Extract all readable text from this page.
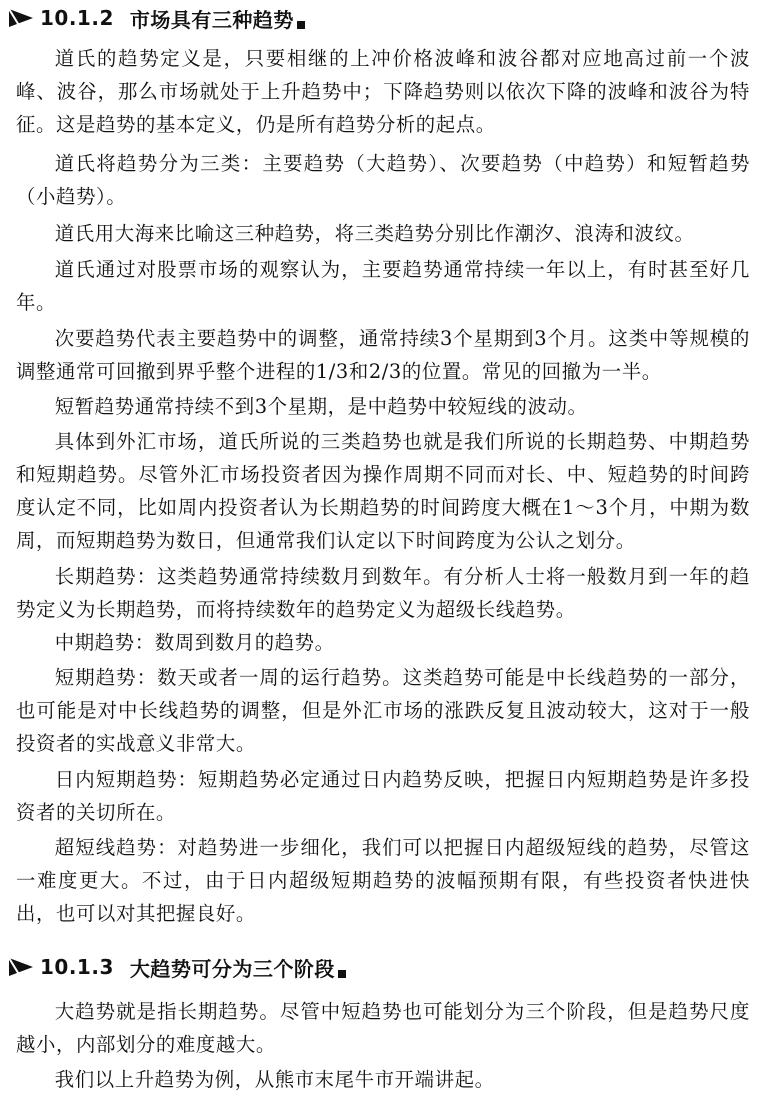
10.1.2 市场具有三种趋势

道氏的趋势定义是，只要相继的上冲价格波峰和波谷都对应地高过前一个波峰、波谷，那么市场就处于上升趋势中；下降趋势则以依次下降的波峰和波谷为特征。这是趋势的基本定义，仍是所有趋势分析的起点。

道氏将趋势分为三类：主要趋势（大趋势）、次要趋势（中趋势）和短暂趋势（小趋势）。

道氏用大海来比喻这三种趋势，将三类趋势分别比作潮汐、浪涛和波纹。

道氏通过对股票市场的观察认为，主要趋势通常持续一年以上，有时甚至好几年。

次要趋势代表主要趋势中的调整，通常持续3个星期到3个月。这类中等规模的调整通常可回撤到界乎整个进程的1/3和2/3的位置。常见的回撤为一半。

短暂趋势通常持续不到3个星期，是中趋势中较短线的波动。

具体到外汇市场，道氏所说的三类趋势也就是我们所说的长期趋势、中期趋势和短期趋势。尽管外汇市场投资者因为操作周期不同而对长、中、短趋势的时间跨度认定不同，比如周内投资者认为长期趋势的时间跨度大概在1～3个月，中期为数周，而短期趋势为数日，但通常我们认定以下时间跨度为公认之划分。

长期趋势：这类趋势通常持续数月到数年。有分析人士将一般数月到一年的趋势定义为长期趋势，而将持续数年的趋势定义为超级长线趋势。

中期趋势：数周到数月的趋势。

短期趋势：数天或者一周的运行趋势。这类趋势可能是中长线趋势的一部分，也可能是对中长线趋势的调整，但是外汇市场的涨跌反复且波动较大，这对于一般投资者的实战意义非常大。

日内短期趋势：短期趋势必定通过日内趋势反映，把握日内短期趋势是许多投资者的关切所在。

超短线趋势：对趋势进一步细化，我们可以把握日内超级短线的趋势，尽管这一难度更大。不过，由于日内超级短期趋势的波幅预期有限，有些投资者快进快出，也可以对其把握良好。

10.1.3 大趋势可分为三个阶段

大趋势就是指长期趋势。尽管中短趋势也可能划分为三个阶段，但是趋势尺度越小，内部划分的难度越大。

我们以上升趋势为例，从熊市末尾牛市开端讲起。
